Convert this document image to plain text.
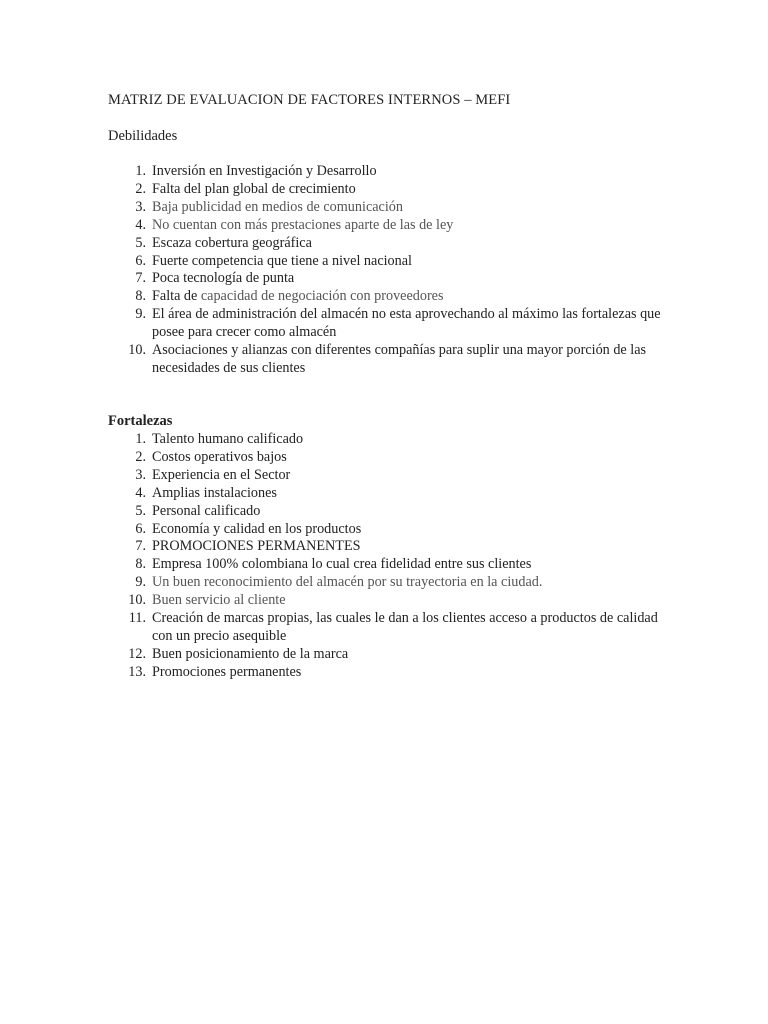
MATRIZ DE EVALUACION DE FACTORES INTERNOS – MEFI
Debilidades
1. Inversión en Investigación y Desarrollo
2. Falta del plan global de crecimiento
3. Baja publicidad en medios de comunicación
4. No cuentan con más prestaciones aparte de las de ley
5. Escaza cobertura geográfica
6. Fuerte competencia que tiene a nivel nacional
7. Poca tecnología de punta
8. Falta de capacidad de negociación con proveedores
9. El área de administración del almacén no esta aprovechando al máximo las fortalezas que posee para crecer como almacén
10. Asociaciones y alianzas con diferentes compañías para suplir una mayor porción de las necesidades de sus clientes
Fortalezas
1. Talento humano calificado
2. Costos operativos bajos
3. Experiencia en el Sector
4. Amplias instalaciones
5. Personal calificado
6. Economía y calidad en los productos
7. PROMOCIONES PERMANENTES
8. Empresa 100% colombiana lo cual crea fidelidad entre sus clientes
9. Un buen reconocimiento del almacén por su trayectoria en la ciudad.
10. Buen servicio al cliente
11. Creación de marcas propias, las cuales le dan a los clientes acceso a productos de calidad con un precio asequible
12. Buen posicionamiento de la marca
13. Promociones permanentes
